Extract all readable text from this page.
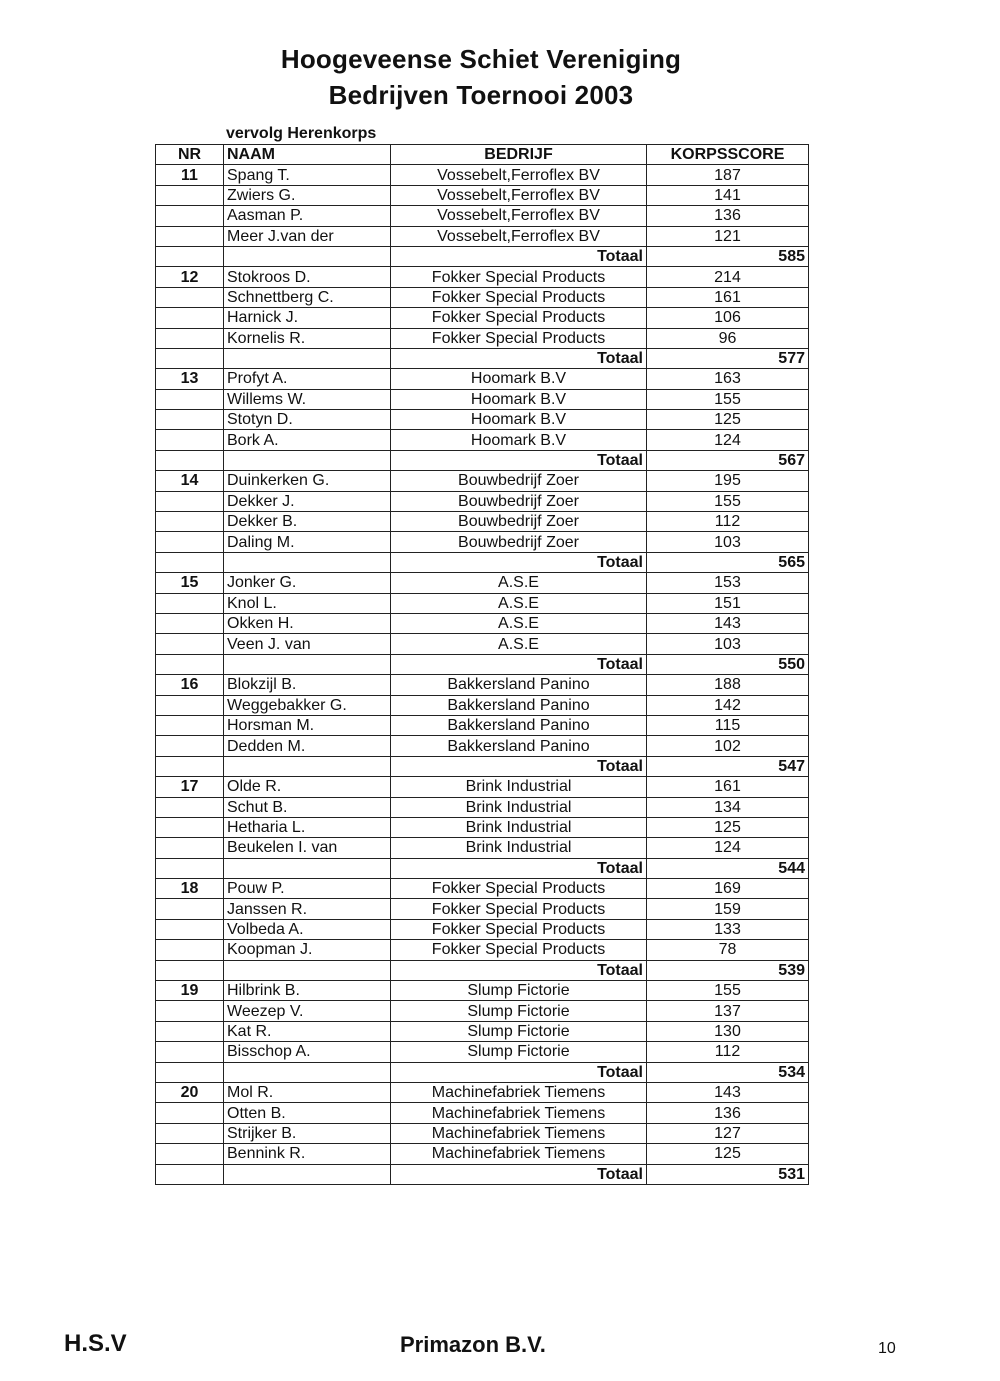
Hoogeveense Schiet Vereniging
Bedrijven Toernooi 2003
vervolg Herenkorps
NR	NAAM	BEDRIJF	KORPSSCORE
11	Spang T.	Vossebelt,Ferroflex BV	187
	Zwiers G.	Vossebelt,Ferroflex BV	141
	Aasman P.	Vossebelt,Ferroflex BV	136
	Meer J.van der	Vossebelt,Ferroflex BV	121
		Totaal	585
12	Stokroos D.	Fokker Special Products	214
	Schnettberg C.	Fokker Special Products	161
	Harnick J.	Fokker Special Products	106
	Kornelis R.	Fokker Special Products	96
		Totaal	577
13	Profyt A.	Hoomark B.V	163
	Willems W.	Hoomark B.V	155
	Stotyn D.	Hoomark B.V	125
	Bork A.	Hoomark B.V	124
		Totaal	567
14	Duinkerken G.	Bouwbedrijf Zoer	195
	Dekker J.	Bouwbedrijf Zoer	155
	Dekker B.	Bouwbedrijf Zoer	112
	Daling M.	Bouwbedrijf Zoer	103
		Totaal	565
15	Jonker G.	A.S.E	153
	Knol L.	A.S.E	151
	Okken H.	A.S.E	143
	Veen J. van	A.S.E	103
		Totaal	550
16	Blokzijl B.	Bakkersland Panino	188
	Weggebakker G.	Bakkersland Panino	142
	Horsman M.	Bakkersland Panino	115
	Dedden M.	Bakkersland Panino	102
		Totaal	547
17	Olde R.	Brink Industrial	161
	Schut B.	Brink Industrial	134
	Hetharia L.	Brink Industrial	125
	Beukelen I. van	Brink Industrial	124
		Totaal	544
18	Pouw P.	Fokker Special Products	169
	Janssen R.	Fokker Special Products	159
	Volbeda A.	Fokker Special Products	133
	Koopman J.	Fokker Special Products	78
		Totaal	539
19	Hilbrink B.	Slump Fictorie	155
	Weezep V.	Slump Fictorie	137
	Kat R.	Slump Fictorie	130
	Bisschop A.	Slump Fictorie	112
		Totaal	534
20	Mol R.	Machinefabriek Tiemens	143
	Otten B.	Machinefabriek Tiemens	136
	Strijker B.	Machinefabriek Tiemens	127
	Bennink R.	Machinefabriek Tiemens	125
		Totaal	531
H.S.V	Primazon B.V.	10
